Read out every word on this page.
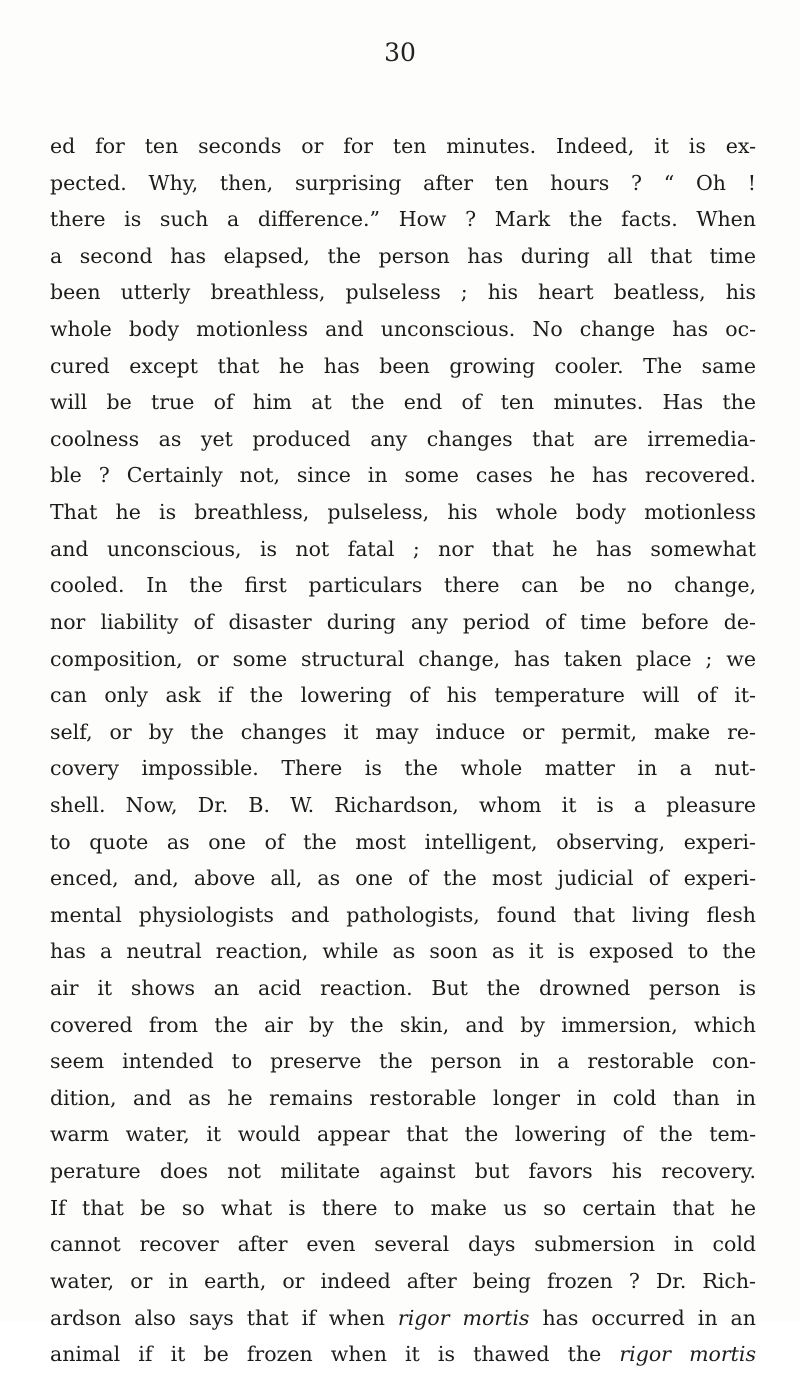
30
ed for ten seconds or for ten minutes. Indeed, it is ex-
pected. Why, then, surprising after ten hours ? “ Oh !
there is such a difference.” How ? Mark the facts. When
a second has elapsed, the person has during all that time
been utterly breathless, pulseless ; his heart beatless, his
whole body motionless and unconscious. No change has oc-
cured except that he has been growing cooler. The same
will be true of him at the end of ten minutes. Has the
coolness as yet produced any changes that are irremedia-
ble ? Certainly not, since in some cases he has recovered.
That he is breathless, pulseless, his whole body motionless
and unconscious, is not fatal ; nor that he has somewhat
cooled. In the first particulars there can be no change,
nor liability of disaster during any period of time before de-
composition, or some structural change, has taken place ; we
can only ask if the lowering of his temperature will of it-
self, or by the changes it may induce or permit, make re-
covery impossible. There is the whole matter in a nut-
shell. Now, Dr. B. W. Richardson, whom it is a pleasure
to quote as one of the most intelligent, observing, experi-
enced, and, above all, as one of the most judicial of experi-
mental physiologists and pathologists, found that living flesh
has a neutral reaction, while as soon as it is exposed to the
air it shows an acid reaction. But the drowned person is
covered from the air by the skin, and by immersion, which
seem intended to preserve the person in a restorable con-
dition, and as he remains restorable longer in cold than in
warm water, it would appear that the lowering of the tem-
perature does not militate against but favors his recovery.
If that be so what is there to make us so certain that he
cannot recover after even several days submersion in cold
water, or in earth, or indeed after being frozen ? Dr. Rich-
ardson also says that if when rigor mortis has occurred in an
animal if it be frozen when it is thawed the rigor mortis
